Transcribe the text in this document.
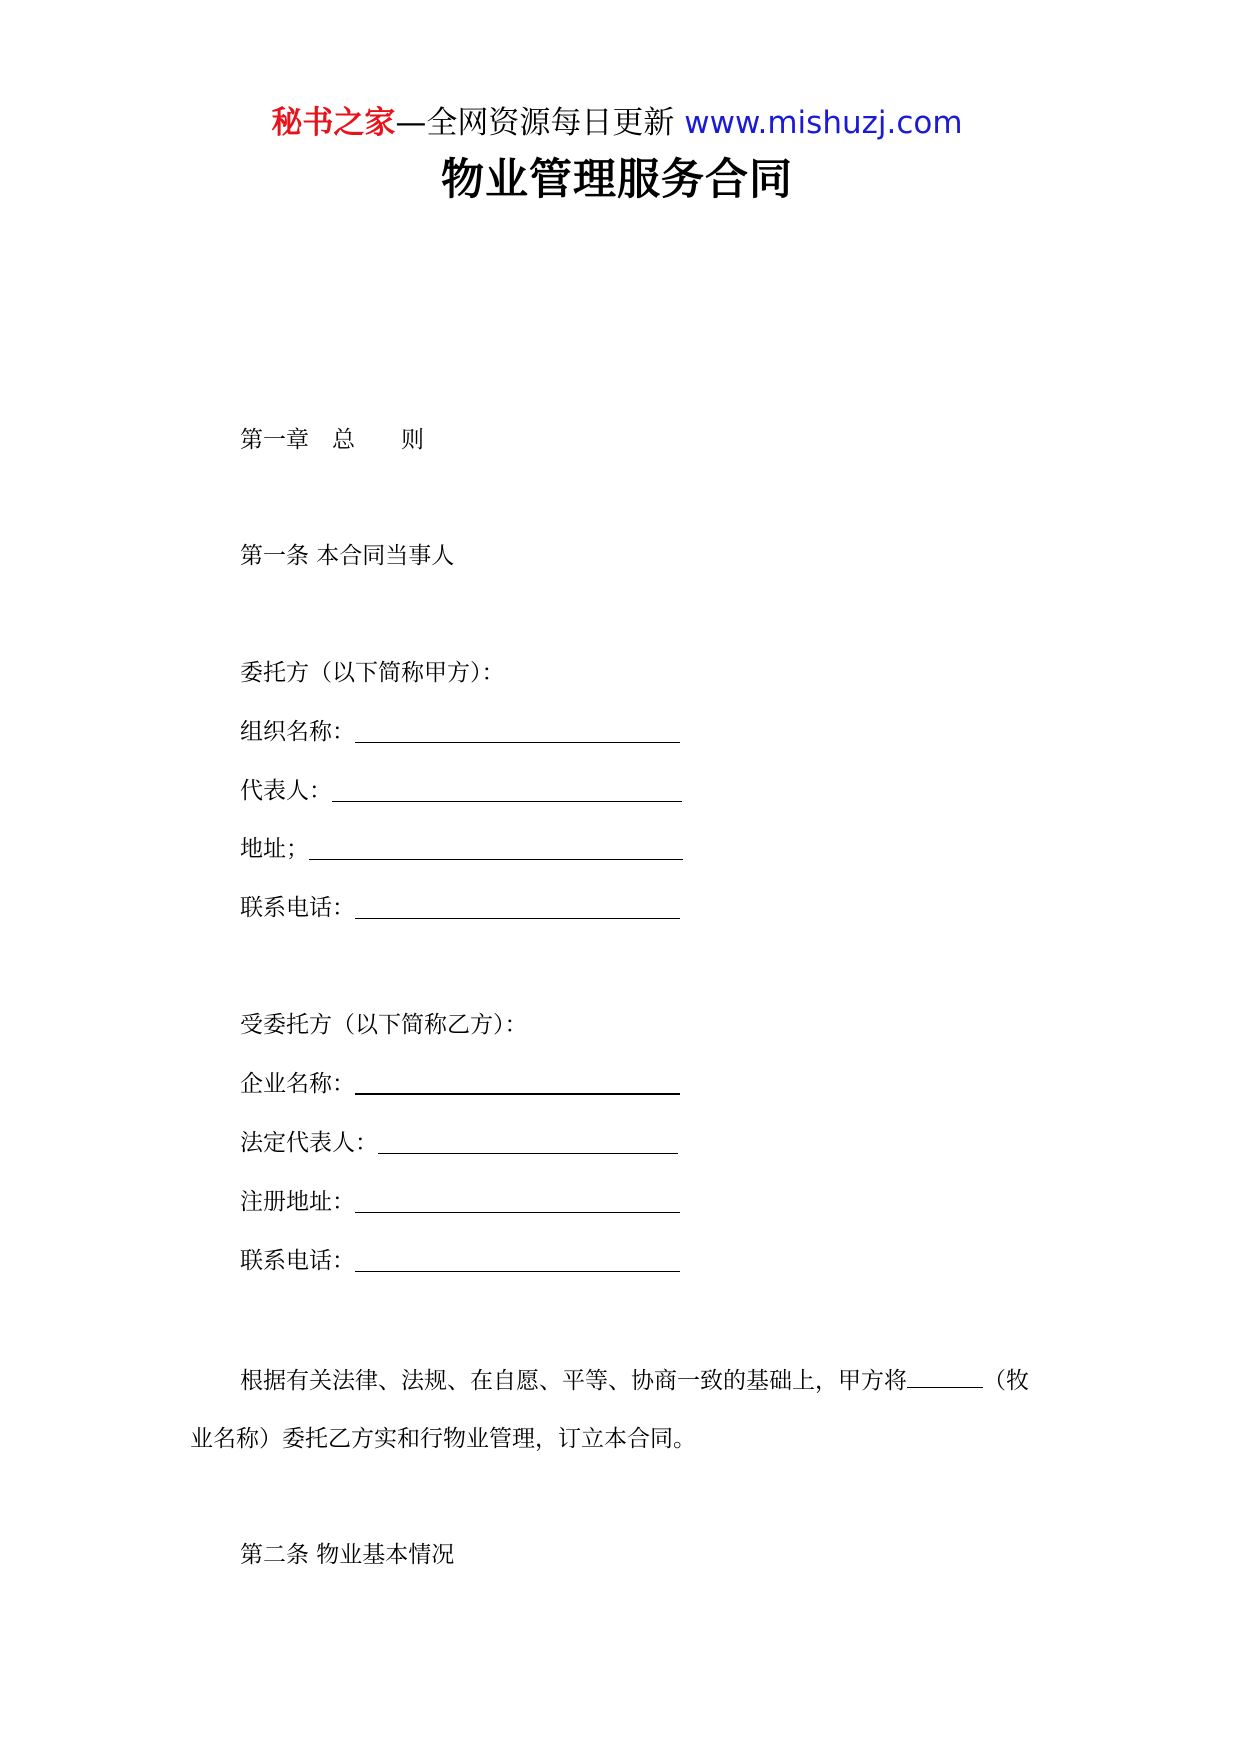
秘书之家—全网资源每日更新 www.mishuzj.com
物业管理服务合同
第一章　总　　则
第一条 本合同当事人
委托方（以下简称甲方）：
组织名称：
代表人：
地址；
联系电话：
受委托方（以下简称乙方）：
企业名称：
法定代表人：
注册地址：
联系电话：
根据有关法律、法规、在自愿、平等、协商一致的基础上，甲方将	（牧业名称）委托乙方实和行物业管理，订立本合同。
第二条 物业基本情况
